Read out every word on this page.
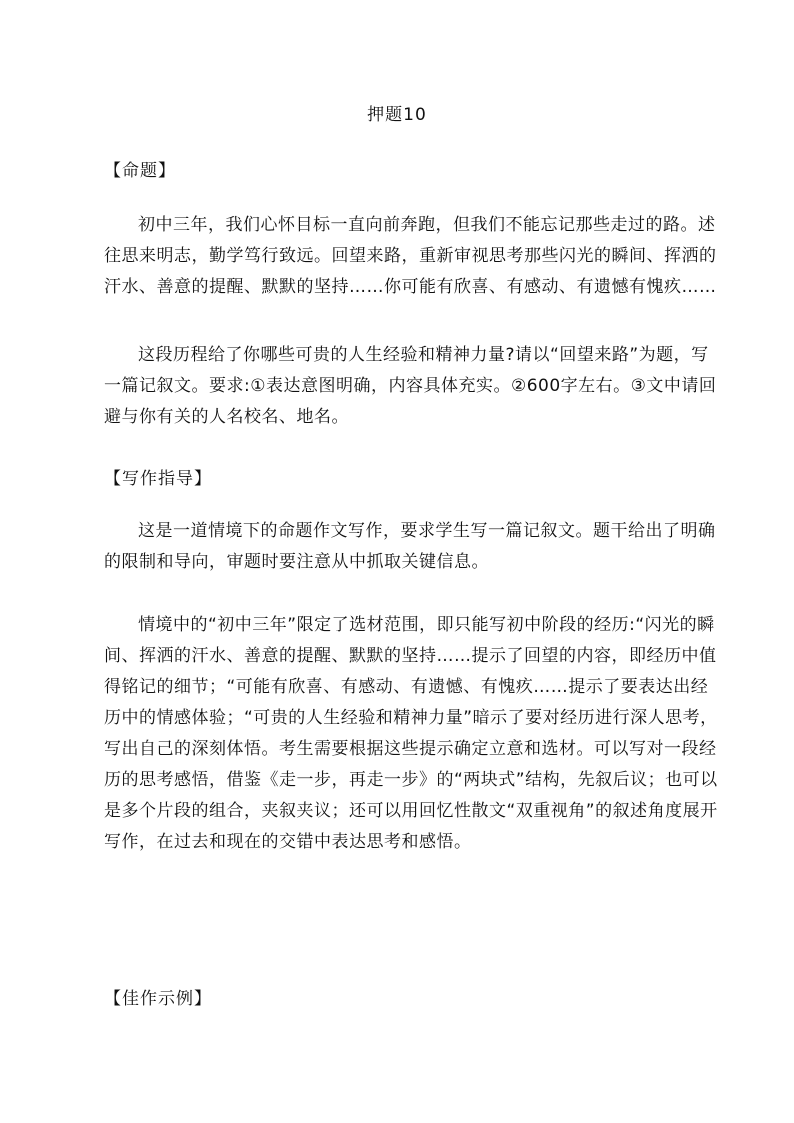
押题10
【命题】

初中三年，我们心怀目标一直向前奔跑，但我们不能忘记那些走过的路。述往思来明志，勤学笃行致远。回望来路，重新审视思考那些闪光的瞬间、挥洒的汗水、善意的提醒、默默的坚持……你可能有欣喜、有感动、有遗憾有愧疚……

这段历程给了你哪些可贵的人生经验和精神力量?请以“回望来路”为题，写一篇记叙文。要求:①表达意图明确，内容具体充实。②600字左右。③文中请回避与你有关的人名校名、地名。

【写作指导】

这是一道情境下的命题作文写作，要求学生写一篇记叙文。题干给出了明确的限制和导向，审题时要注意从中抓取关键信息。

情境中的“初中三年”限定了选材范围，即只能写初中阶段的经历:“闪光的瞬间、挥洒的汗水、善意的提醒、默默的坚持……提示了回望的内容，即经历中值得铭记的细节；“可能有欣喜、有感动、有遗憾、有愧疚……提示了要表达出经历中的情感体验；“可贵的人生经验和精神力量”暗示了要对经历进行深人思考，写出自己的深刻体悟。考生需要根据这些提示确定立意和选材。可以写对一段经历的思考感悟，借鉴《走一步，再走一步》的“两块式”结构，先叙后议；也可以是多个片段的组合，夹叙夹议；还可以用回忆性散文“双重视角”的叙述角度展开写作，在过去和现在的交错中表达思考和感悟。

【佳作示例】
